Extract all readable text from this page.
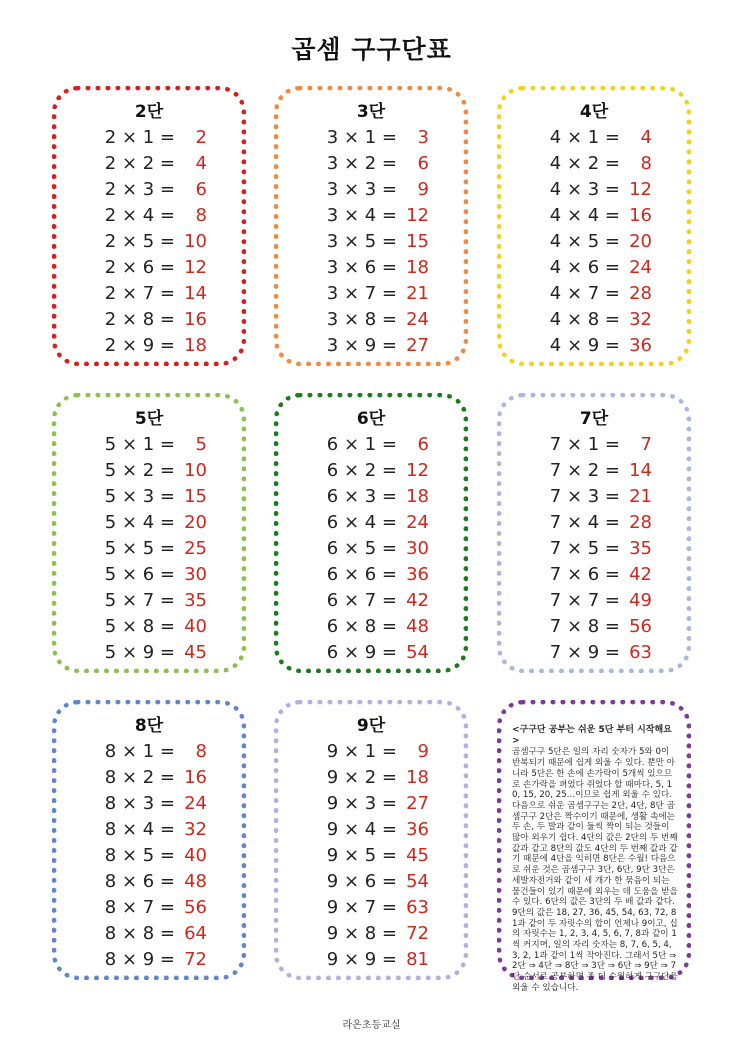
곱셈 구구단표
2단
2 × 1 =	2
2 × 2 =	4
2 × 3 =	6
2 × 4 =	8
2 × 5 = 10
2 × 6 = 12
2 × 7 = 14
2 × 8 = 16
2 × 9 = 18
3단
3 × 1 =	3
3 × 2 =	6
3 × 3 =	9
3 × 4 = 12
3 × 5 = 15
3 × 6 = 18
3 × 7 = 21
3 × 8 = 24
3 × 9 = 27
4단
4 × 1 =	4
4 × 2 =	8
4 × 3 = 12
4 × 4 = 16
4 × 5 = 20
4 × 6 = 24
4 × 7 = 28
4 × 8 = 32
4 × 9 = 36
5단
5 × 1 =	5
5 × 2 = 10
5 × 3 = 15
5 × 4 = 20
5 × 5 = 25
5 × 6 = 30
5 × 7 = 35
5 × 8 = 40
5 × 9 = 45
6단
6 × 1 =	6
6 × 2 = 12
6 × 3 = 18
6 × 4 = 24
6 × 5 = 30
6 × 6 = 36
6 × 7 = 42
6 × 8 = 48
6 × 9 = 54
7단
7 × 1 =	7
7 × 2 = 14
7 × 3 = 21
7 × 4 = 28
7 × 5 = 35
7 × 6 = 42
7 × 7 = 49
7 × 8 = 56
7 × 9 = 63
8단
8 × 1 =	8
8 × 2 = 16
8 × 3 = 24
8 × 4 = 32
8 × 5 = 40
8 × 6 = 48
8 × 7 = 56
8 × 8 = 64
8 × 9 = 72
9단
9 × 1 =	9
9 × 2 = 18
9 × 3 = 27
9 × 4 = 36
9 × 5 = 45
9 × 6 = 54
9 × 7 = 63
9 × 8 = 72
9 × 9 = 81
<구구단 공부는 쉬운 5단 부터 시작해요>
곱셈구구 5단은 일의 자리 숫자가 5와 0이 반복되기 때문에 쉽게 외울 수 있다. 뿐만 아니라 5단은 한 손에 손가락이 5개씩 있으므로 손가락을 펴었다 쥐었다 할 때마다, 5, 10, 15, 20, 25…이므로 쉽게 외울 수 있다. 다음으로 쉬운 곱셈구구는 2단, 4단, 8단 곱셈구구 2단은 짝수이기 때문에, 생활 속에는 두 손, 두 발과 같이 둘씩 짝이 되는 것들이 많아 외우기 쉽다. 4단의 값은 2단의 두 번째 값과 같고 8단의 값도 4단의 두 번째 값과 같기 때문에 4단을 익히면 8단은 수월! 다음으로 쉬운 것은 곱셈구구 3단, 6단, 9단 3단은 세발자전거와 같이 세 개가 한 묶음이 되는 물건들이 있기 때문에 외우는 데 도움을 받을 수 있다. 6단의 값은 3단의 두 배 값과 같다. 9단의 값은 18, 27, 36, 45, 54, 63, 72, 81과 같이 두 자릿수의 합이 언제나 9이고, 십의 자릿수는 1, 2, 3, 4, 5, 6, 7, 8과 같이 1씩 커지며, 일의 자리 숫자는 8, 7, 6, 5, 4, 3, 2, 1과 같이 1씩 작아진다. 그래서 5단 ⇒ 2단 ⇒ 4단 ⇒ 8단 ⇒ 3단 ⇒ 6단 ⇒ 9단 ⇒ 7단 순서로 공부하면 좀 더 수월하게 구구단을 외울 수 있습니다.
라온초등교실
